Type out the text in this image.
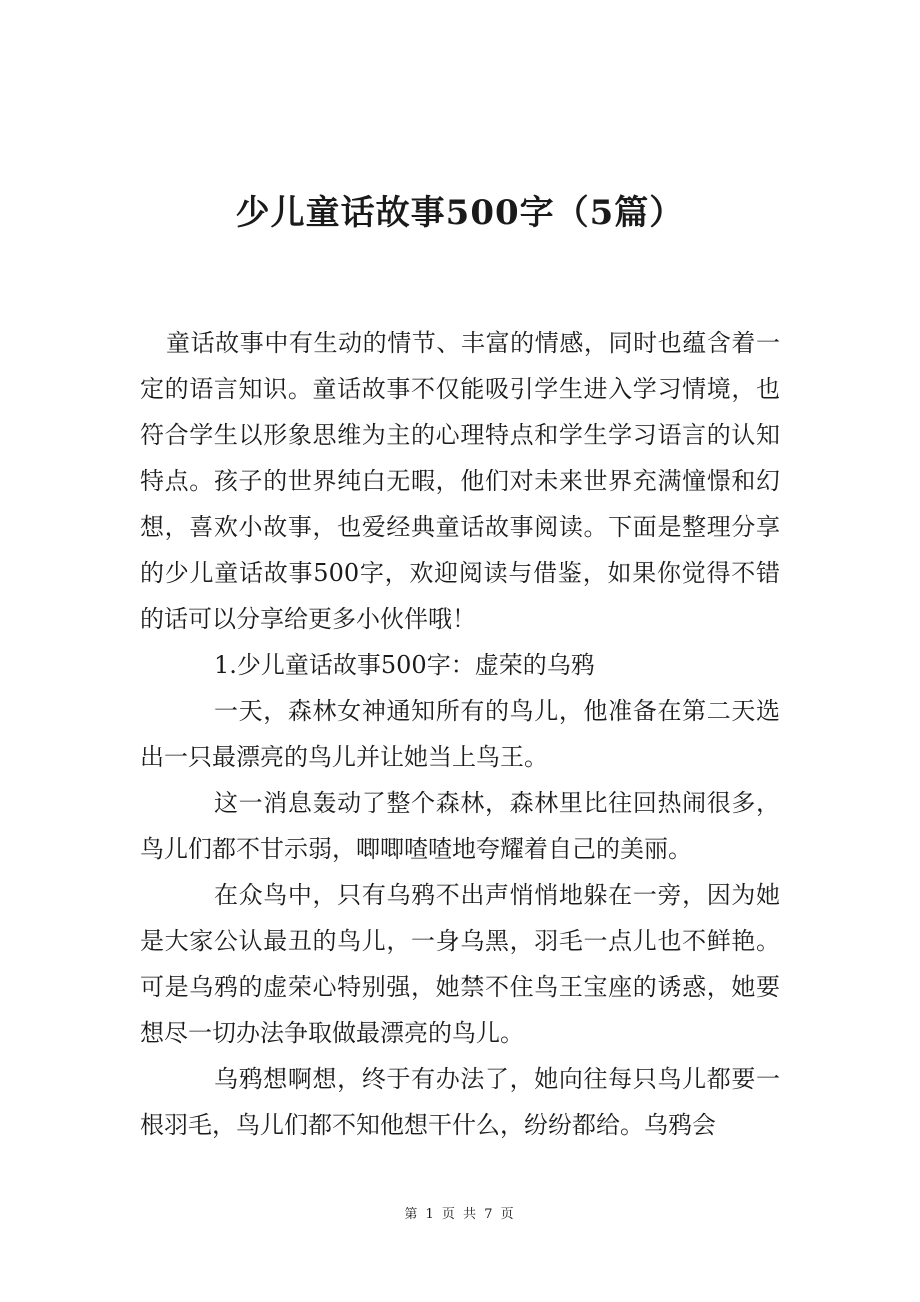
少儿童话故事500字（5篇）

童话故事中有生动的情节、丰富的情感，同时也蕴含着一定的语言知识。童话故事不仅能吸引学生进入学习情境，也符合学生以形象思维为主的心理特点和学生学习语言的认知特点。孩子的世界纯白无暇，他们对未来世界充满憧憬和幻想，喜欢小故事，也爱经典童话故事阅读。下面是整理分享的少儿童话故事500字，欢迎阅读与借鉴，如果你觉得不错的话可以分享给更多小伙伴哦！

1.少儿童话故事500字：虚荣的乌鸦

一天，森林女神通知所有的鸟儿，他准备在第二天选出一只最漂亮的鸟儿并让她当上鸟王。

这一消息轰动了整个森林，森林里比往回热闹很多，鸟儿们都不甘示弱，唧唧喳喳地夸耀着自己的美丽。

在众鸟中，只有乌鸦不出声悄悄地躲在一旁，因为她是大家公认最丑的鸟儿，一身乌黑，羽毛一点儿也不鲜艳。可是乌鸦的虚荣心特别强，她禁不住鸟王宝座的诱惑，她要想尽一切办法争取做最漂亮的鸟儿。

乌鸦想啊想，终于有办法了，她向往每只鸟儿都要一根羽毛，鸟儿们都不知他想干什么，纷纷都给。乌鸦会

第 1 页 共 7 页
